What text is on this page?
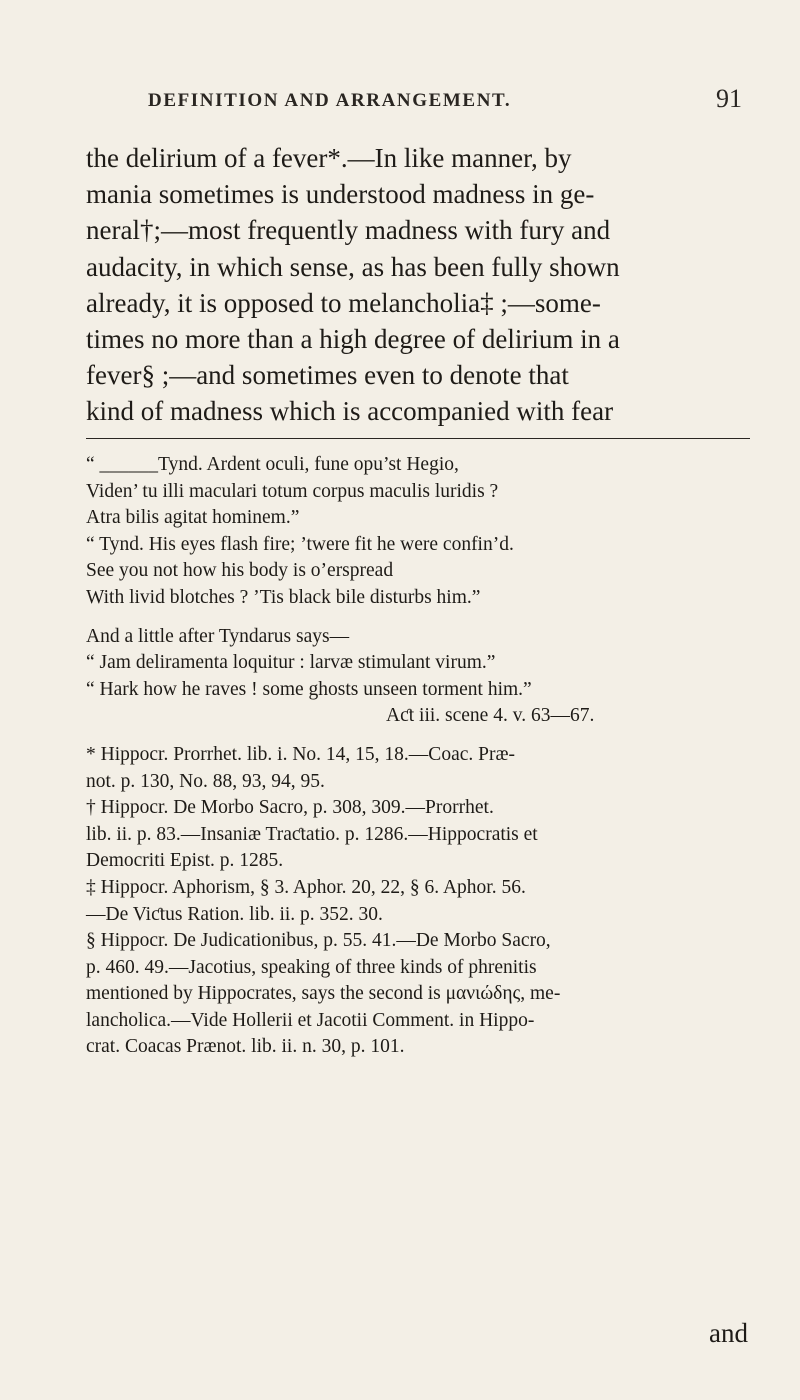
DEFINITION AND ARRANGEMENT.	91
the delirium of a fever*.—In like manner, by
mania sometimes is understood madness in ge-
neral†;—most frequently madness with fury and
audacity, in which sense, as has been fully shown
already, it is opposed to melancholia‡ ;—some-
times no more than a high degree of delirium in a
fever§ ;—and sometimes even to denote that
kind of madness which is accompanied with fear
“ ______Tynd. Ardent oculi, fune opu’st Hegio,
Viden’ tu illi maculari totum corpus maculis luridis ?
Atra bilis agitat hominem.”
“ Tynd. His eyes flash fire; ’twere fit he were confin’d.
See you not how his body is o’erspread
With livid blotches ? ’Tis black bile disturbs him.”
And a little after Tyndarus says—
“ Jam deliramenta loquitur : larvæ stimulant virum.”
“ Hark how he raves ! some ghosts unseen torment him.”
Aƈt iii. scene 4. v. 63—67.
* Hippocr. Prorrhet. lib. i. No. 14, 15, 18.—Coac. Præ-
not. p. 130, No. 88, 93, 94, 95.
† Hippocr. De Morbo Sacro, p. 308, 309.—Prorrhet.
lib. ii. p. 83.—Insaniæ Traƈtatio. p. 1286.—Hippocratis et
Democriti Epist. p. 1285.
‡ Hippocr. Aphorism, § 3. Aphor. 20, 22, § 6. Aphor. 56.
—De Viƈtus Ration. lib. ii. p. 352. 30.
§ Hippocr. De Judicationibus, p. 55. 41.—De Morbo Sacro,
p. 460. 49.—Jacotius, speaking of three kinds of phrenitis
mentioned by Hippocrates, says the second is μανιώδης, me-
lancholica.—Vide Hollerii et Jacotii Comment. in Hippo-
crat. Coacas Prænot. lib. ii. n. 30, p. 101.
and
